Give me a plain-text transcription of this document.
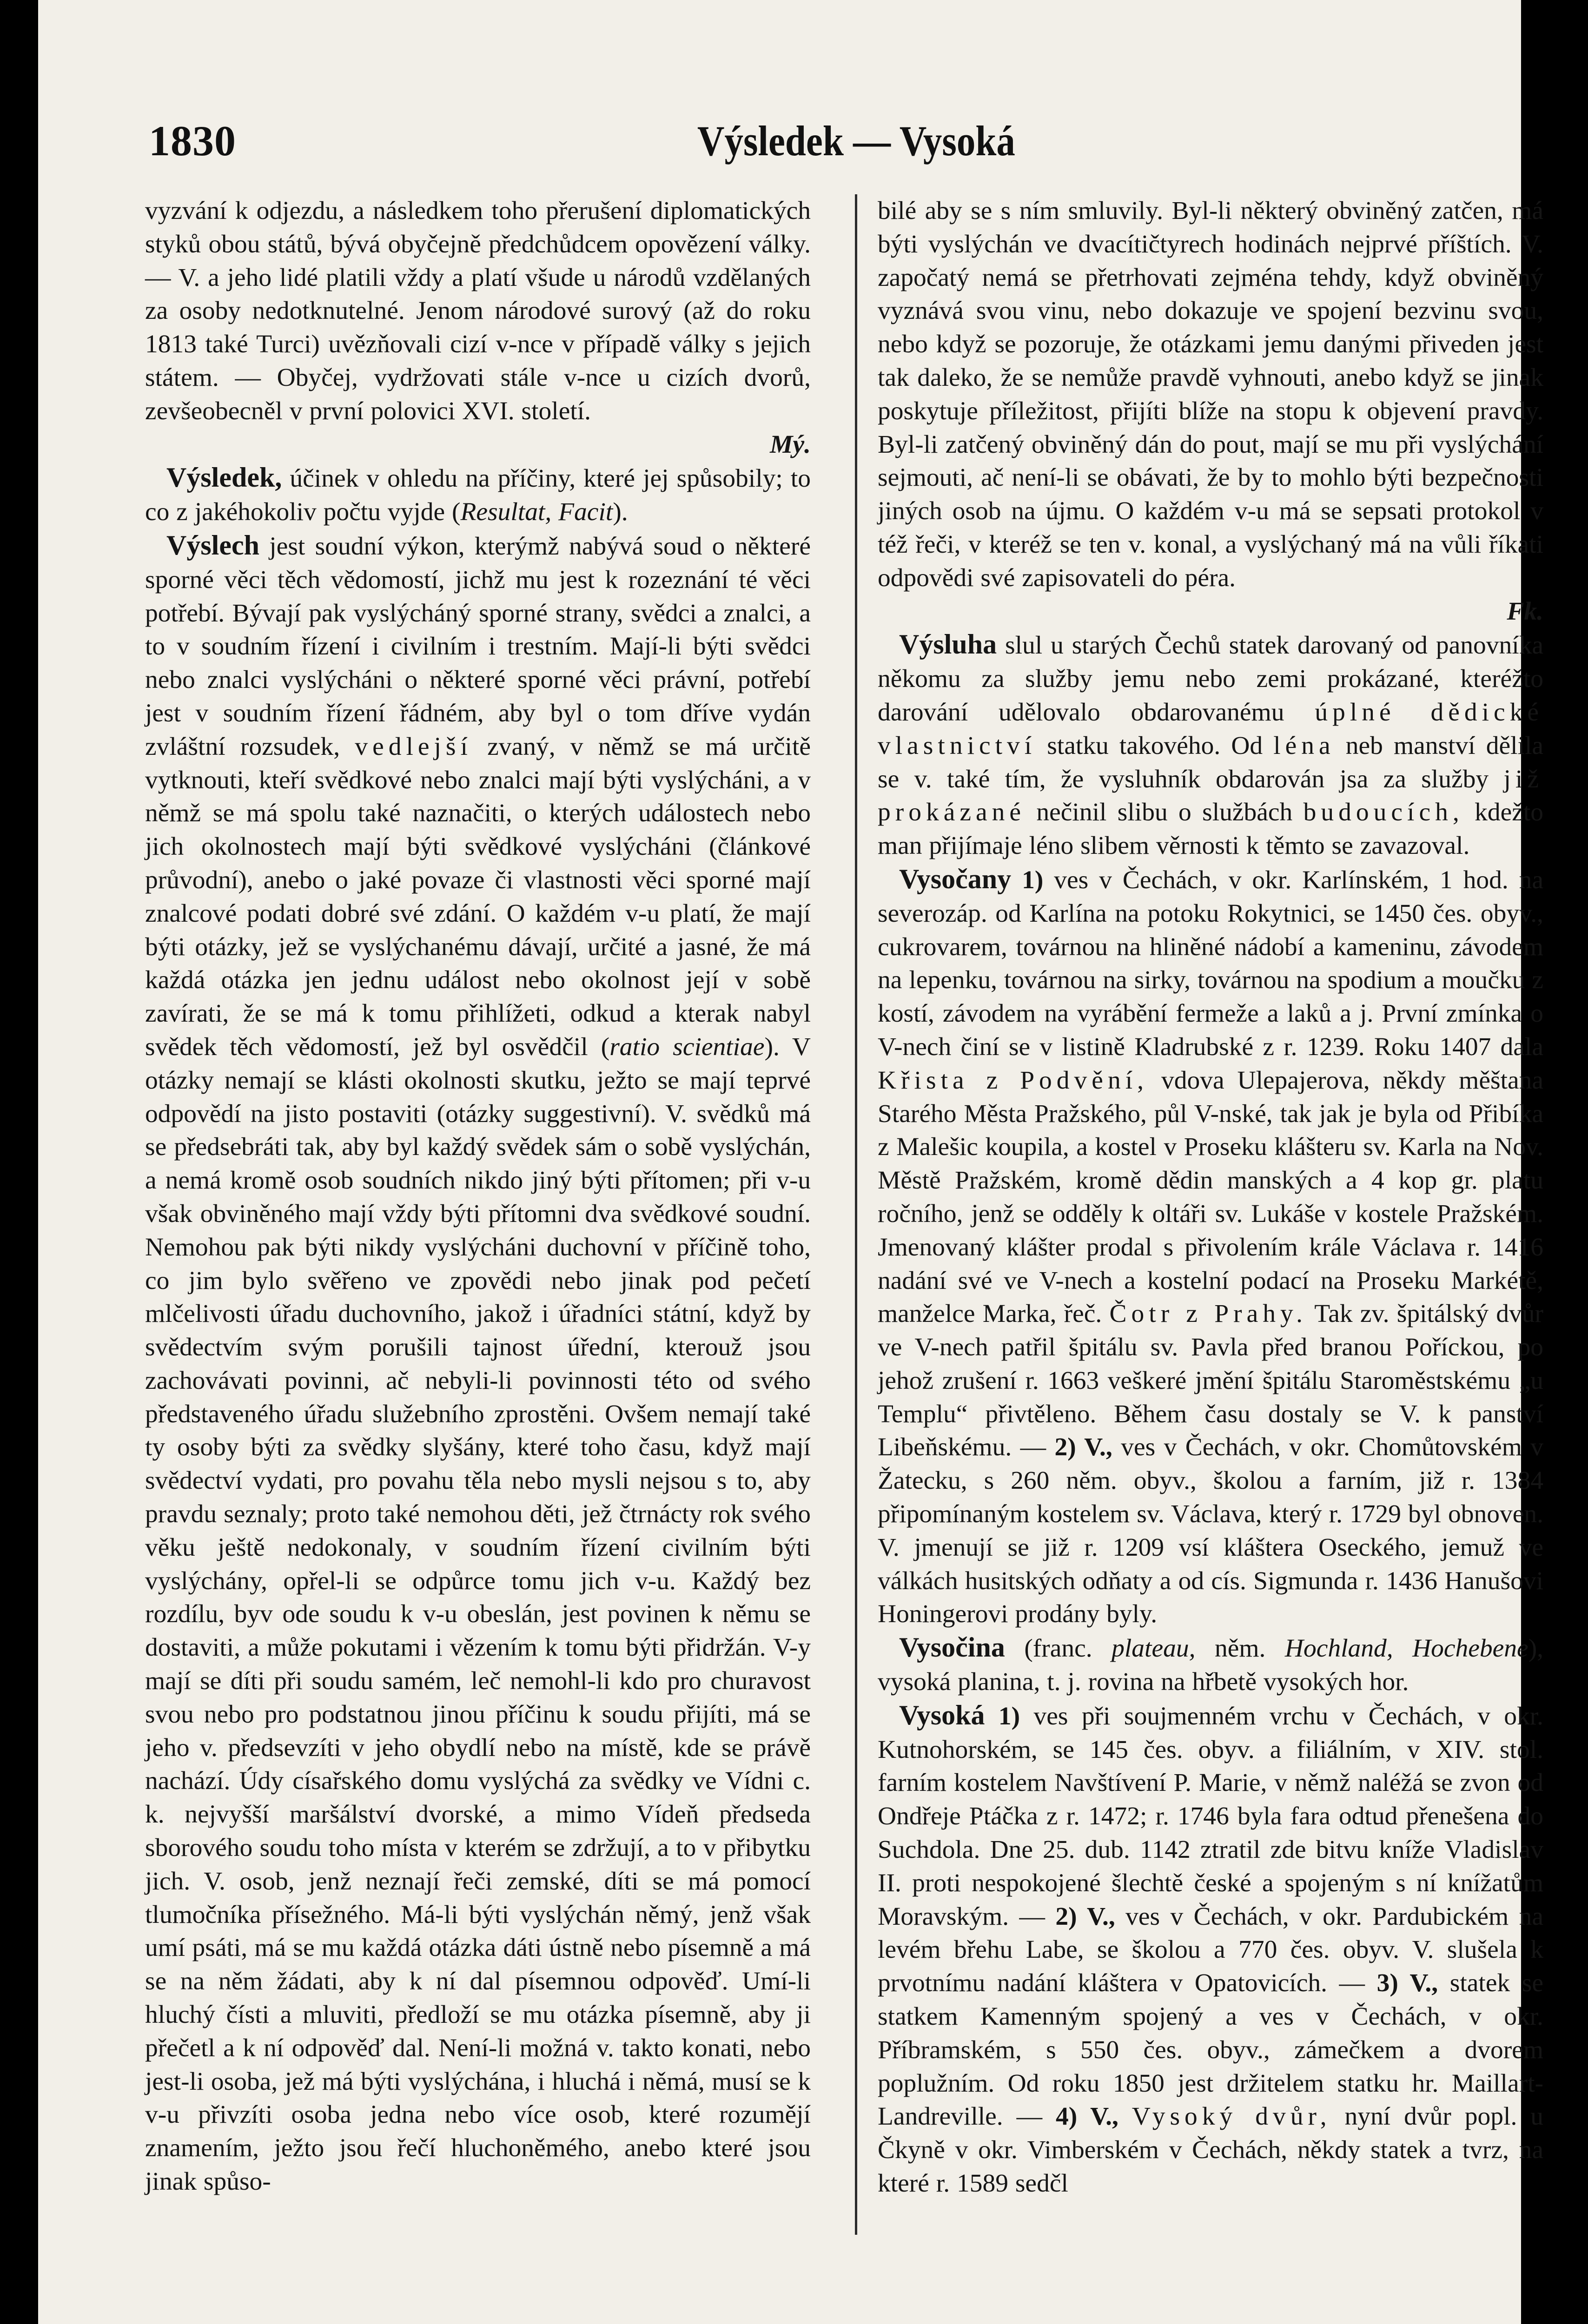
1830	Výsledek — Vysoká

vyzvání k odjezdu, a následkem toho přerušení diplomatických styků obou států, bývá obyčejně předchůdcem opovězení války. — V. a jeho lidé platili vždy a platí všude u národů vzdělaných za osoby nedotknutelné. Jenom národové surový (až do roku 1813 také Turci) uvězňovali cizí v-nce v případě války s jejich státem. — Obyčej, vydržovati stále v-nce u cizích dvorů, zevšeobecněl v první polovici XVI. století.
Mý.

Výsledek, účinek v ohledu na příčiny, které jej spůsobily; to co z jakéhokoliv počtu vyjde (Resultat, Facit).

Výslech jest soudní výkon, kterýmž nabývá soud o některé sporné věci těch vědomostí, jichž mu jest k rozeznání té věci potřebí. Bývají pak vyslýcháný sporné strany, svědci a znalci, a to v soudním řízení i civilním i trestním. Mají-li býti svědci nebo znalci vyslýcháni o některé sporné věci právní, potřebí jest v soudním řízení řádném, aby byl o tom dříve vydán zvláštní rozsudek, vedlejší zvaný, v němž se má určitě vytknouti, kteří svědkové nebo znalci mají býti vyslýcháni, a v němž se má spolu také naznačiti, o kterých událostech nebo jich okolnostech mají býti svědkové vyslýcháni (článkové průvodní), anebo o jaké povaze či vlastnosti věci sporné mají znalcové podati dobré své zdání. O každém v-u platí, že mají býti otázky, jež se vyslýchanému dávají, určité a jasné, že má každá otázka jen jednu událost nebo okolnost její v sobě zavírati, že se má k tomu přihlížeti, odkud a kterak nabyl svědek těch vědomostí, jež byl osvědčil (ratio scientiae). V otázky nemají se klásti okolnosti skutku, ježto se mají teprvé odpovědí na jisto postaviti (otázky suggestivní). V. svědků má se předsebráti tak, aby byl každý svědek sám o sobě vyslýchán, a nemá kromě osob soudních nikdo jiný býti přítomen; při v-u však obviněného mají vždy býti přítomni dva svědkové soudní. Nemohou pak býti nikdy vyslýcháni duchovní v příčině toho, co jim bylo svěřeno ve zpovědi nebo jinak pod pečetí mlčelivosti úřadu duchovního, jakož i úřadníci státní, když by svědectvím svým porušili tajnost úřední, kterouž jsou zachovávati povinni, ač nebyli-li povinnosti této od svého představeného úřadu služebního zprostěni. Ovšem nemají také ty osoby býti za svědky slyšány, které toho času, když mají svědectví vydati, pro povahu těla nebo mysli nejsou s to, aby pravdu seznaly; proto také nemohou děti, jež čtrnácty rok svého věku ještě nedokonaly, v soudním řízení civilním býti vyslýchány, opřel-li se odpůrce tomu jich v-u. Každý bez rozdílu, byv ode soudu k v-u obeslán, jest povinen k němu se dostaviti, a může pokutami i vězením k tomu býti přidržán. V-y mají se díti při soudu samém, leč nemohl-li kdo pro churavost svou nebo pro podstatnou jinou příčinu k soudu přijíti, má se jeho v. předsevzíti v jeho obydlí nebo na místě, kde se právě nachází. Údy císařského domu vyslýchá za svědky ve Vídni c. k. nejvyšší maršálství dvorské, a mimo Vídeň předseda sborového soudu toho místa v kterém se zdržují, a to v přibytku jich. V. osob, jenž neznají řeči zemské, díti se má pomocí tlumočníka přísežného. Má-li býti vyslýchán němý, jenž však umí psáti, má se mu každá otázka dáti ústně nebo písemně a má se na něm žádati, aby k ní dal písemnou odpověď. Umí-li hluchý čísti a mluviti, předloží se mu otázka písemně, aby ji přečetl a k ní odpověď dal. Není-li možná v. takto konati, nebo jest-li osoba, jež má býti vyslýchána, i hluchá i němá, musí se k v-u přivzíti osoba jedna nebo více osob, které rozumějí znamením, ježto jsou řečí hluchoněmého, anebo které jsou jinak spůso-

bilé aby se s ním smluvily. Byl-li některý obviněný zatčen, má býti vyslýchán ve dvacítičtyrech hodinách nejprvé příštích. V. započatý nemá se přetrhovati zejména tehdy, když obviněný vyznává svou vinu, nebo dokazuje ve spojení bezvinu svou, nebo když se pozoruje, že otázkami jemu danými přiveden jest tak daleko, že se nemůže pravdě vyhnouti, anebo když se jinak poskytuje příležitost, přijíti blíže na stopu k objevení pravdy. Byl-li zatčený obviněný dán do pout, mají se mu při vyslýchání sejmouti, ač není-li se obávati, že by to mohlo býti bezpečnosti jiných osob na újmu. O každém v-u má se sepsati protokol v též řeči, v kteréž se ten v. konal, a vyslýchaný má na vůli říkati odpovědi své zapisovateli do péra.
Fk.

Výsluha slul u starých Čechů statek darovaný od panovníka někomu za služby jemu nebo zemi prokázané, kteréžto darování udělovalo obdarovanému úplné dědické vlastnictví statku takového. Od léna neb manství dělila se v. také tím, že vysluhník obdarován jsa za služby již prokázané nečinil slibu o službách budoucích, kdežto man přijímaje léno slibem věrnosti k těmto se zavazoval.

Vysočany 1) ves v Čechách, v okr. Karlínském, 1 hod. na severozáp. od Karlína na potoku Rokytnici, se 1450 čes. obyv., cukrovarem, továrnou na hliněné nádobí a kameninu, závodem na lepenku, továrnou na sirky, továrnou na spodium a moučku z kostí, závodem na vyrábění fermeže a laků a j. První zmínka o V-nech činí se v listině Kladrubské z r. 1239. Roku 1407 dala Křista z Podvění, vdova Ulepajerova, někdy měštana Starého Města Pražského, půl V-nské, tak jak je byla od Přibíka z Malešic koupila, a kostel v Proseku klášteru sv. Karla na Nov. Městě Pražském, kromě dědin manských a 4 kop gr. platu ročního, jenž se odděly k oltáři sv. Lukáše v kostele Pražském. Jmenovaný klášter prodal s přivolením krále Václava r. 1416 nadání své ve V-nech a kostelní podací na Proseku Markétě, manželce Marka, řeč. Čotr z Prahy. Tak zv. špitálský dvůr ve V-nech patřil špitálu sv. Pavla před branou Poříckou, po jehož zrušení r. 1663 veškeré jmění špitálu Staroměstskému „u Templu“ přivtěleno. Během času dostaly se V. k panství Libeňskému. — 2) V., ves v Čechách, v okr. Chomůtovském v Žatecku, s 260 něm. obyv., školou a farním, již r. 1384 připomínaným kostelem sv. Václava, který r. 1729 byl obnoven. V. jmenují se již r. 1209 vsí kláštera Oseckého, jemuž ve válkách husitských odňaty a od cís. Sigmunda r. 1436 Hanušovi Honingerovi prodány byly.

Vysočina (franc. plateau, něm. Hochland, Hochebene), vysoká planina, t. j. rovina na hřbetě vysokých hor.

Vysoká 1) ves při soujmenném vrchu v Čechách, v okr. Kutnohorském, se 145 čes. obyv. a filiálním, v XIV. stol. farním kostelem Navštívení P. Marie, v němž naléžá se zvon od Ondřeje Ptáčka z r. 1472; r. 1746 byla fara odtud přenešena do Suchdola. Dne 25. dub. 1142 ztratil zde bitvu knížе Vladislav II. proti nespokojené šlechtě české a spojeným s ní knížatům Moravským. — 2) V., ves v Čechách, v okr. Pardubickém na levém břehu Labe, se školou a 770 čes. obyv. V. slušela k prvotnímu nadání kláštera v Opatovicích. — 3) V., statek se statkem Kamenným spojený a ves v Čechách, v okr. Příbramském, s 550 čes. obyv., zámečkem a dvorem poplužním. Od roku 1850 jest držitelem statku hr. Maillart-Landreville. — 4) V., Vysoký dvůr, nyní dvůr popl. u Čkyně v okr. Vimberském v Čechách, někdy statek a tvrz, na které r. 1589 sedčl
